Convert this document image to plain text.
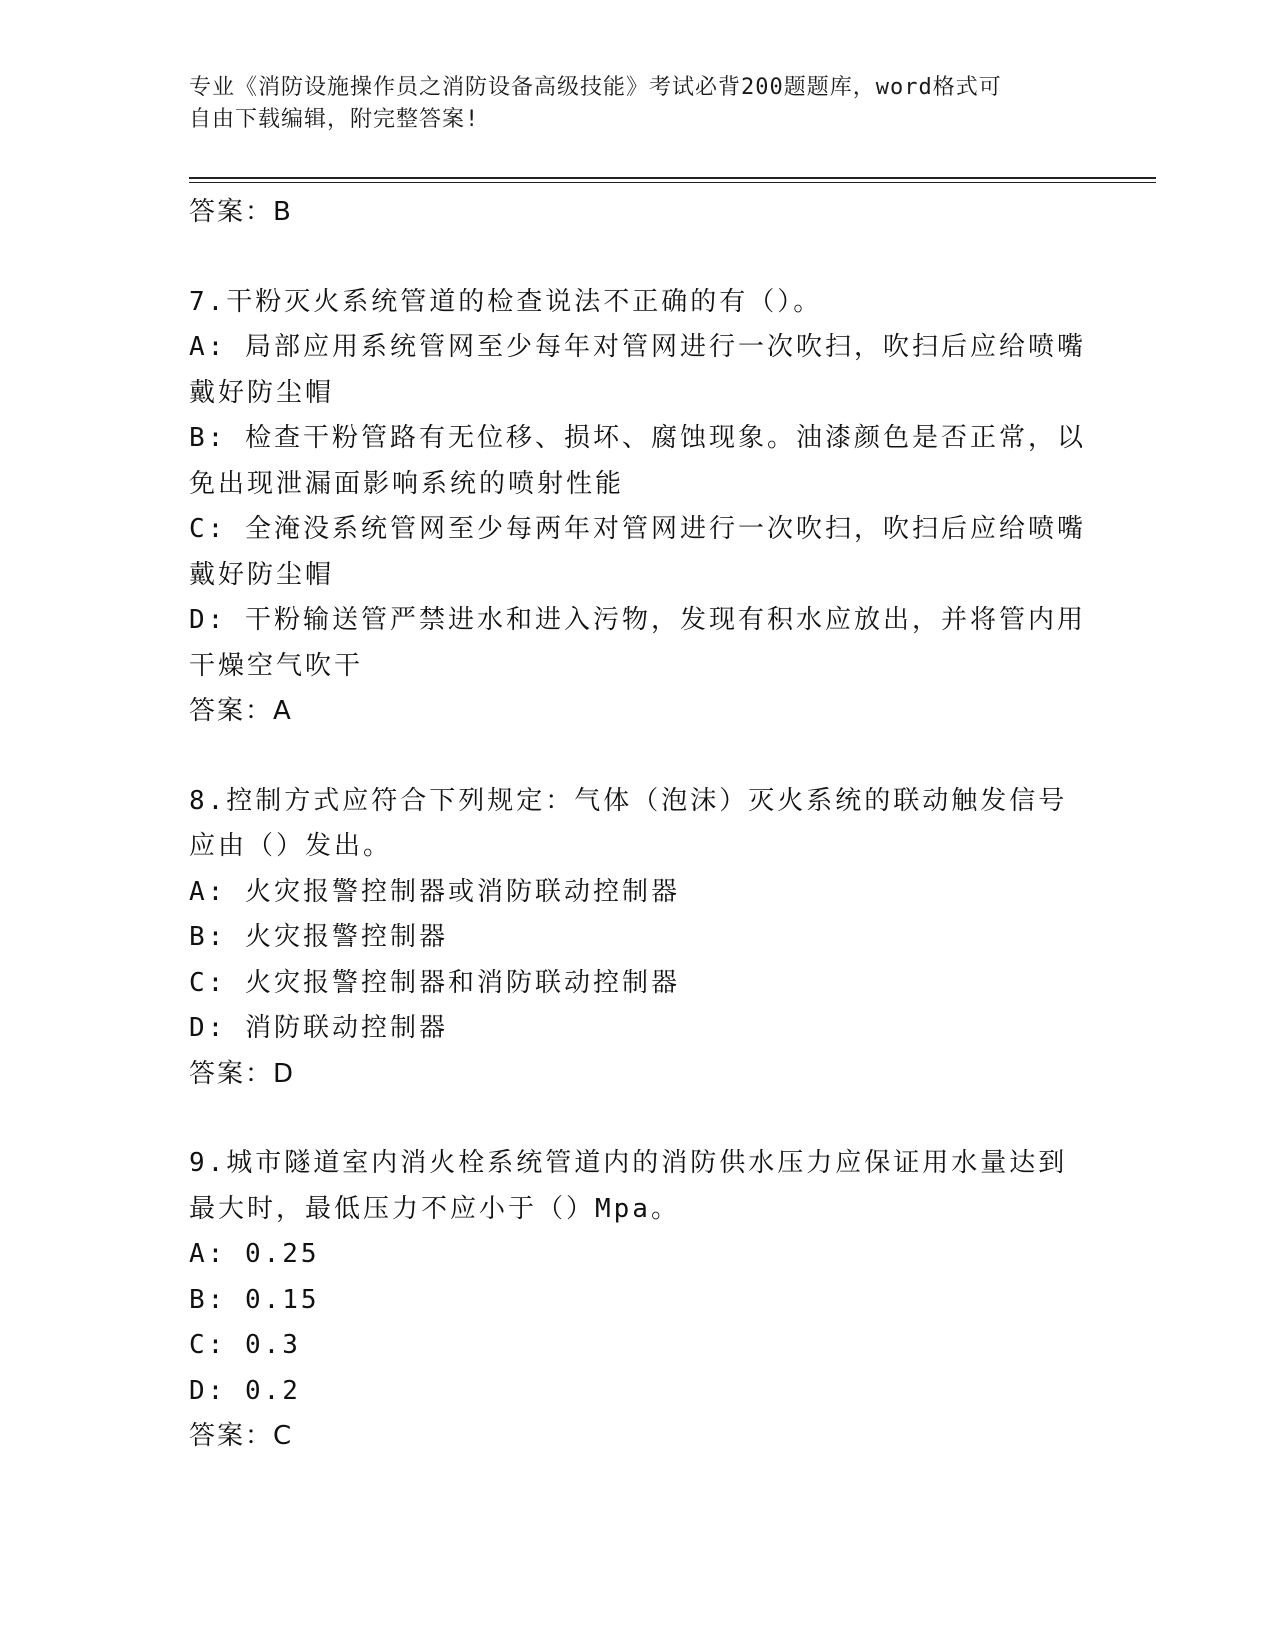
专业《消防设施操作员之消防设备高级技能》考试必背200题题库，word格式可
自由下载编辑，附完整答案!

答案：B

7.干粉灭火系统管道的检查说法不正确的有（）。

A: 局部应用系统管网至少每年对管网进行一次吹扫，吹扫后应给喷嘴

戴好防尘帽

B: 检查干粉管路有无位移、损坏、腐蚀现象。油漆颜色是否正常，以

免出现泄漏面影响系统的喷射性能

C: 全淹没系统管网至少每两年对管网进行一次吹扫，吹扫后应给喷嘴

戴好防尘帽

D: 干粉输送管严禁进水和进入污物，发现有积水应放出，并将管内用

干燥空气吹干

答案：A

8.控制方式应符合下列规定：气体（泡沫）灭火系统的联动触发信号

应由（）发出。

A: 火灾报警控制器或消防联动控制器

B: 火灾报警控制器

C: 火灾报警控制器和消防联动控制器

D: 消防联动控制器

答案：D

9.城市隧道室内消火栓系统管道内的消防供水压力应保证用水量达到

最大时，最低压力不应小于（）Mpa。

A: 0.25

B: 0.15

C: 0.3

D: 0.2

答案：C
